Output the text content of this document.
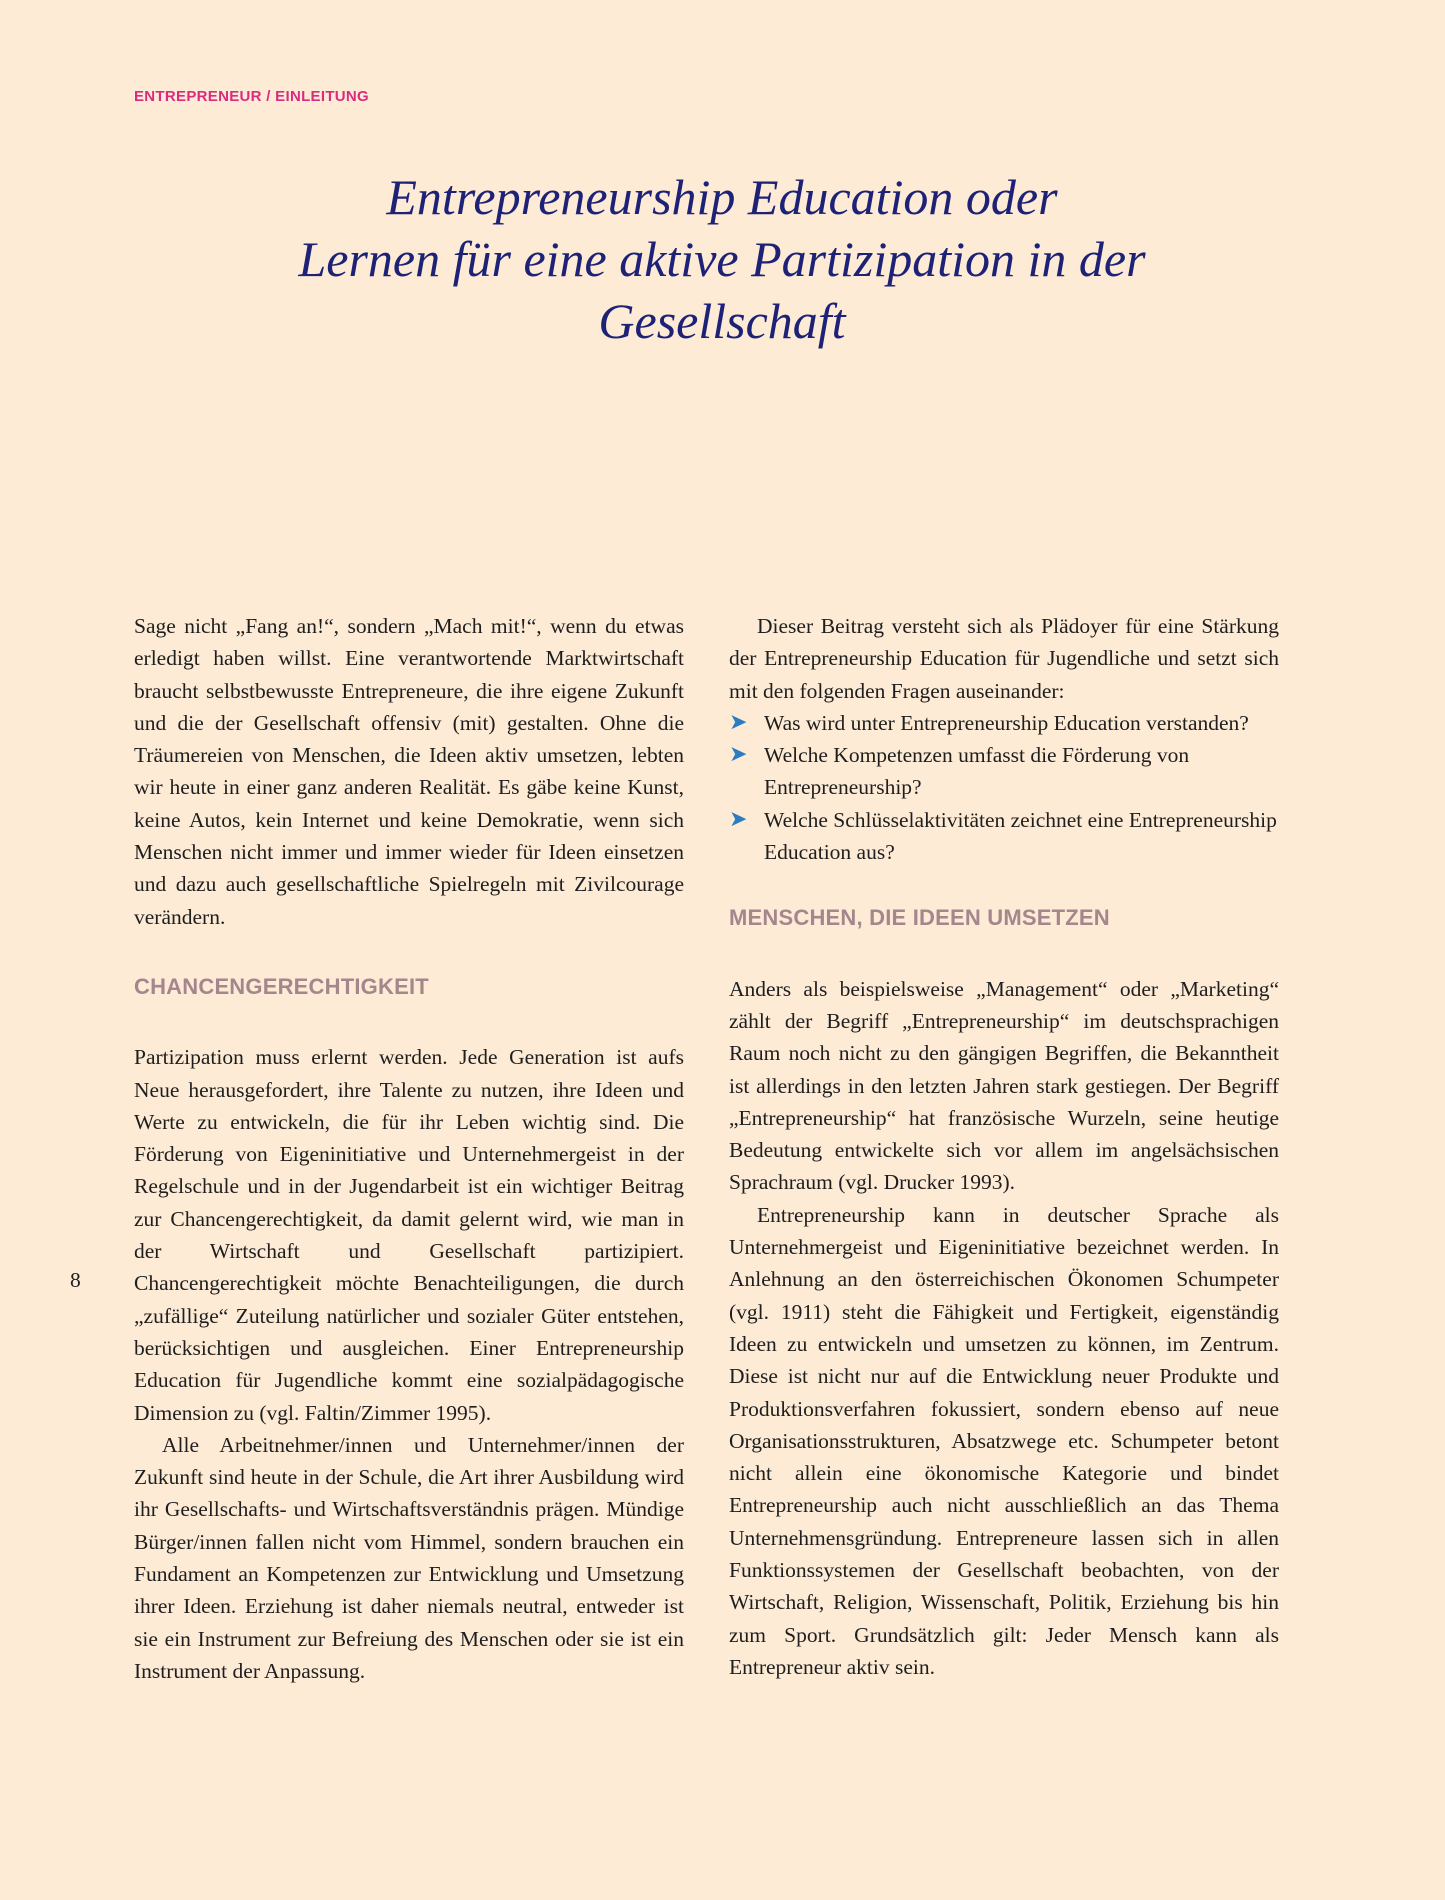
ENTREPRENEUR / EINLEITUNG
Entrepreneurship Education oder
Lernen für eine aktive Partizipation in der
Gesellschaft

Sage nicht „Fang an!“, sondern „Mach mit!“, wenn du etwas erledigt haben willst. Eine verantwortende Marktwirtschaft braucht selbstbewusste Entrepreneure, die ihre eigene Zukunft und die der Gesellschaft offensiv (mit) gestalten. Ohne die Träumereien von Menschen, die Ideen aktiv umsetzen, lebten wir heute in einer ganz anderen Realität. Es gäbe keine Kunst, keine Autos, kein Internet und keine Demokratie, wenn sich Menschen nicht immer und immer wieder für Ideen einsetzen und dazu auch gesellschaftliche Spielregeln mit Zivilcourage verändern.

CHANCENGERECHTIGKEIT

Partizipation muss erlernt werden. Jede Generation ist aufs Neue herausgefordert, ihre Talente zu nutzen, ihre Ideen und Werte zu entwickeln, die für ihr Leben wichtig sind. Die Förderung von Eigeninitiative und Unternehmergeist in der Regelschule und in der Jugendarbeit ist ein wichtiger Beitrag zur Chancengerechtigkeit, da damit gelernt wird, wie man in der Wirtschaft und Gesellschaft partizipiert. Chancengerechtigkeit möchte Benachteiligungen, die durch „zufällige“ Zuteilung natürlicher und sozialer Güter entstehen, berücksichtigen und ausgleichen. Einer Entrepreneurship Education für Jugendliche kommt eine sozialpädagogische Dimension zu (vgl. Faltin/Zimmer 1995).

Alle Arbeitnehmer/innen und Unternehmer/innen der Zukunft sind heute in der Schule, die Art ihrer Ausbildung wird ihr Gesellschafts- und Wirtschaftsverständnis prägen. Mündige Bürger/innen fallen nicht vom Himmel, sondern brauchen ein Fundament an Kompetenzen zur Entwicklung und Umsetzung ihrer Ideen. Erziehung ist daher niemals neutral, entweder ist sie ein Instrument zur Befreiung des Menschen oder sie ist ein Instrument der Anpassung.

Dieser Beitrag versteht sich als Plädoyer für eine Stärkung der Entrepreneurship Education für Jugendliche und setzt sich mit den folgenden Fragen auseinander:

➤ Was wird unter Entrepreneurship Education verstanden?
➤ Welche Kompetenzen umfasst die Förderung von Entrepreneurship?
➤ Welche Schlüsselaktivitäten zeichnet eine Entrepreneurship Education aus?
MENSCHEN, DIE IDEEN UMSETZEN

Anders als beispielsweise „Management“ oder „Marketing“ zählt der Begriff „Entrepreneurship“ im deutschsprachigen Raum noch nicht zu den gängigen Begriffen, die Bekanntheit ist allerdings in den letzten Jahren stark gestiegen. Der Begriff „Entrepreneurship“ hat französische Wurzeln, seine heutige Bedeutung entwickelte sich vor allem im angelsächsischen Sprachraum (vgl. Drucker 1993).

Entrepreneurship kann in deutscher Sprache als Unternehmergeist und Eigeninitiative bezeichnet werden. In Anlehnung an den österreichischen Ökonomen Schumpeter (vgl. 1911) steht die Fähigkeit und Fertigkeit, eigenständig Ideen zu entwickeln und umsetzen zu können, im Zentrum. Diese ist nicht nur auf die Entwicklung neuer Produkte und Produktionsverfahren fokussiert, sondern ebenso auf neue Organisationsstrukturen, Absatzwege etc. Schumpeter betont nicht allein eine ökonomische Kategorie und bindet Entrepreneurship auch nicht ausschließlich an das Thema Unternehmensgründung. Entrepreneure lassen sich in allen Funktionssystemen der Gesellschaft beobachten, von der Wirtschaft, Religion, Wissenschaft, Politik, Erziehung bis hin zum Sport. Grundsätzlich gilt: Jeder Mensch kann als Entrepreneur aktiv sein.

8
